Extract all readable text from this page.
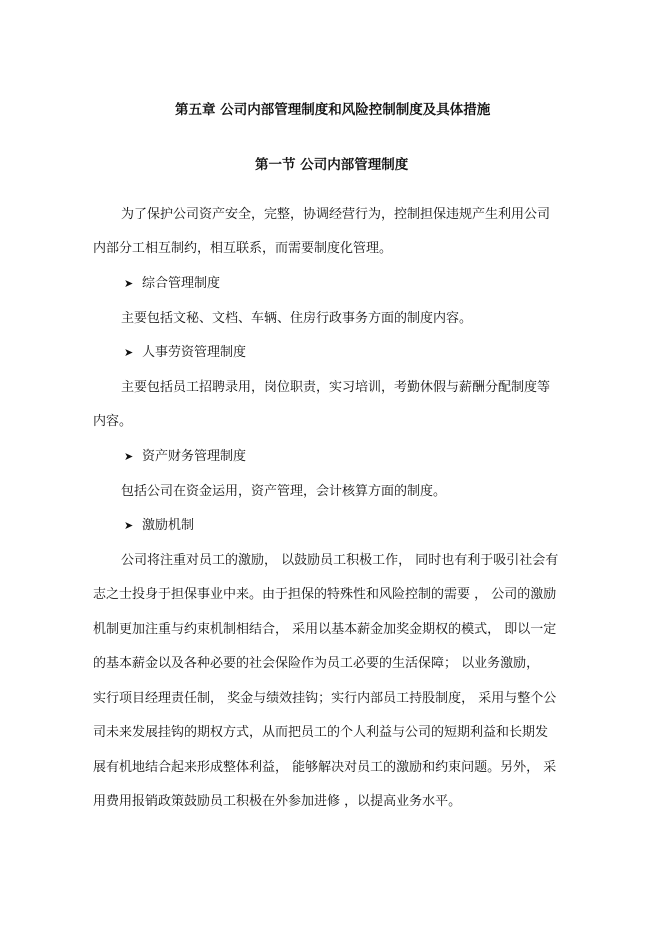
第五章 公司内部管理制度和风险控制制度及具体措施
第一节 公司内部管理制度
为了保护公司资产安全，完整，协调经营行为，控制担保违规产生利用公司
内部分工相互制约，相互联系，而需要制度化管理。
➤ 综合管理制度
主要包括文秘、文档、车辆、住房行政事务方面的制度内容。
➤ 人事劳资管理制度
主要包括员工招聘录用，岗位职责，实习培训，考勤休假与薪酬分配制度等
内容。
➤ 资产财务管理制度
包括公司在资金运用，资产管理，会计核算方面的制度。
➤ 激励机制
公司将注重对员工的激励， 以鼓励员工积极工作， 同时也有利于吸引社会有
志之士投身于担保事业中来。由于担保的特殊性和风险控制的需要 ， 公司的激励
机制更加注重与约束机制相结合， 采用以基本薪金加奖金期权的模式， 即以一定
的基本薪金以及各种必要的社会保险作为员工必要的生活保障； 以业务激励，
实行项目经理责任制， 奖金与绩效挂钩；实行内部员工持股制度， 采用与整个公
司未来发展挂钩的期权方式，从而把员工的个人利益与公司的短期利益和长期发
展有机地结合起来形成整体利益， 能够解决对员工的激励和约束问题。另外， 采
用费用报销政策鼓励员工积极在外参加进修 ，以提高业务水平。
